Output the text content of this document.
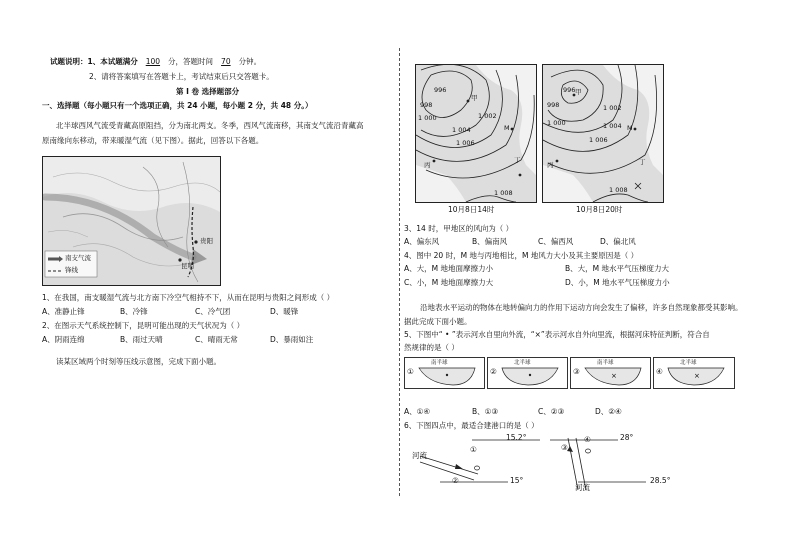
试题说明：1、本试题满分 100 分，答题时间 70 分钟。
2、请将答案填写在答题卡上，考试结束后只交答题卡。
第 I 卷 选择题部分
一、选择题（每小题只有一个选项正确，共 24 小题，每小题 2 分，共 48 分。）
北半球西风气流受青藏高原阻挡，分为南北两支。冬季，西风气流南移，其南支气流沿青藏高
原南缘向东移动，带来暖湿气流（见下图）。据此，回答以下各题。
贵阳
昆明
南支气流
锋线
1、在我国，南支暖湿气流与北方南下冷空气相持不下，从而在昆明与贵阳之间形成（ ）
A、准静止锋	B、冷锋	C、冷气团	D、暖锋
2、在图示天气系统控制下，昆明可能出现的天气状况为（ ）
A、阴雨连绵	B、雨过天晴	C、晴雨无常	D、暴雨如注
读某区域两个时刻等压线示意图，完成下面小题。
996
998
1 000	1 002
1 004
1 006
1 008
甲
丙
M
丁
10月8日14时
996
998
1 000
1 002
1 004
1 006
1 008
甲
丙
M
丁
10月8日20时
3、14 时，甲地区的风向为（ ）
A、偏东风	B、偏南风	C、偏西风	D、偏北风
4、图中 20 时，M 地与丙地相比，M 地风力大小及其主要原因是（ ）
A、大，M 地地面摩擦力小	B、大，M 地水平气压梯度力大
C、小，M 地地面摩擦力大	D、小，M 地水平气压梯度力小
沿地表水平运动的物体在地转偏向力的作用下运动方向会发生了偏移，许多自然现象都受其影响。
据此完成下面小题。
5、下图中“ • ”表示河水自里向外流，“×”表示河水自外向里流，根据河床特征判断，符合自
然规律的是（ ）
①
南半球
②
北半球
③
南半球
×	④
北半球
×
A、①④	B、①③	C、②③	D、②④
6、下图四点中，最适合建港口的是（ ）
15.2°
15°
28°
28.5°
河流
河流
①
②
③
④
